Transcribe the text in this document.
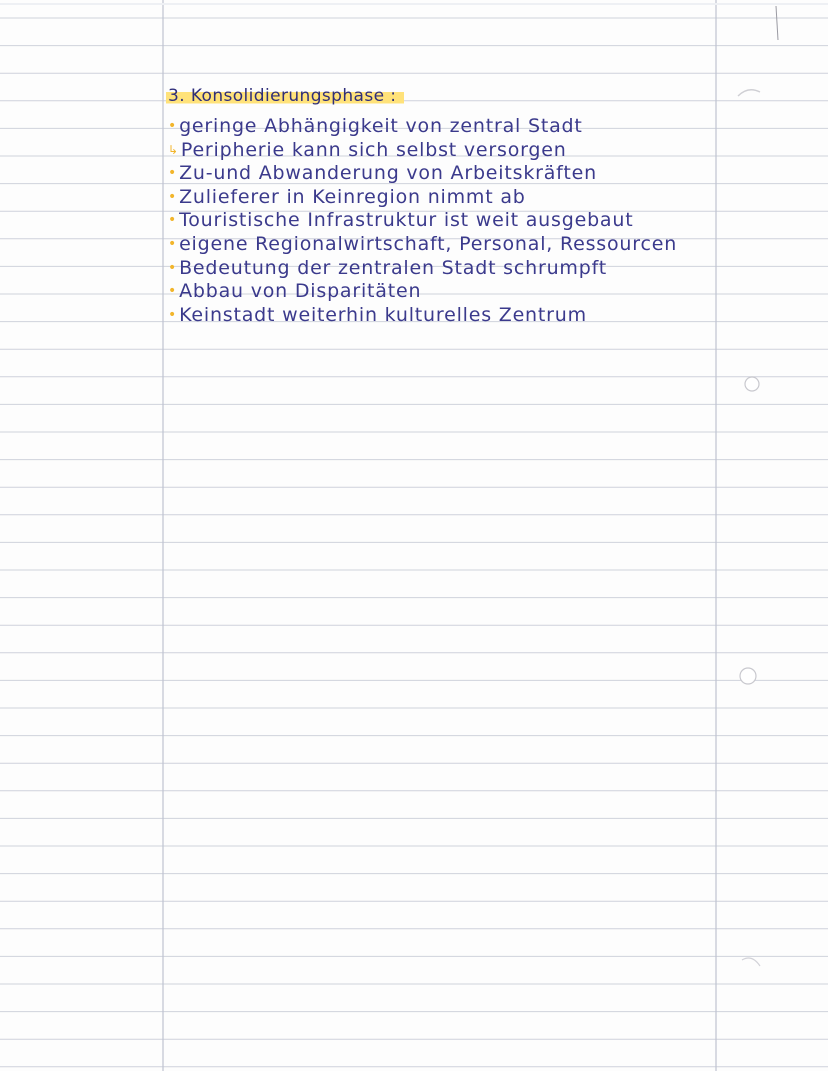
3. Konsolidierungsphase :
• geringe Abhängigkeit von zentral Stadt
↳ Peripherie kann sich selbst versorgen
• Zu-und Abwanderung von Arbeitskräften
• Zulieferer in Keinregion nimmt ab
• Touristische Infrastruktur ist weit ausgebaut
• eigene Regionalwirtschaft, Personal, Ressourcen
• Bedeutung der zentralen Stadt schrumpft
• Abbau von Disparitäten
• Keinstadt weiterhin kulturelles Zentrum
